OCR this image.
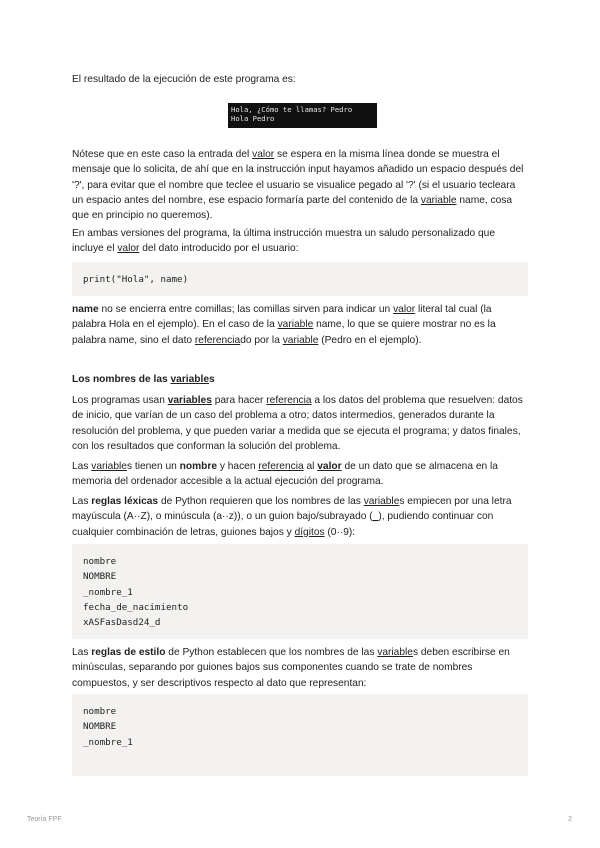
El resultado de la ejecución de este programa es:

Nótese que en este caso la entrada del valor se espera en la misma línea donde se muestra el mensaje que lo solicita, de ahí que en la instrucción input hayamos añadido un espacio después del '?', para evitar que el nombre que teclee el usuario se visualice pegado al '?' (si el usuario tecleara un espacio antes del nombre, ese espacio formaría parte del contenido de la variable name, cosa que en principio no queremos).

En ambas versiones del programa, la última instrucción muestra un saludo personalizado que incluye el valor del dato introducido por el usuario:

print("Hola", name)

name no se encierra entre comillas; las comillas sirven para indicar un valor literal tal cual (la palabra Hola en el ejemplo). En el caso de la variable name, lo que se quiere mostrar no es la palabra name, sino el dato referenciado por la variable (Pedro en el ejemplo).

Los nombres de las variables

Los programas usan variables para hacer referencia a los datos del problema que resuelven: datos de inicio, que varían de un caso del problema a otro; datos intermedios, generados durante la resolución del problema, y que pueden variar a medida que se ejecuta el programa; y datos finales, con los resultados que conforman la solución del problema.

Las variables tienen un nombre y hacen referencia al valor de un dato que se almacena en la memoria del ordenador accesible a la actual ejecución del programa.

Las reglas léxicas de Python requieren que los nombres de las variables empiecen por una letra mayúscula (A··Z), o minúscula (a··z)), o un guion bajo/subrayado (_), pudiendo continuar con cualquier combinación de letras, guiones bajos y dígitos (0··9):

nombre
NOMBRE
_nombre_1
fecha_de_nacimiento
xASFasDasd24_d

Las reglas de estilo de Python establecen que los nombres de las variables deben escribirse en minúsculas, separando por guiones bajos sus componentes cuando se trate de nombres compuestos, y ser descriptivos respecto al dato que representan:

nombre
NOMBRE
_nombre_1
Hola, ¿Cómo te llamas? Pedro
Hola Pedro
Teoría FPF	2
